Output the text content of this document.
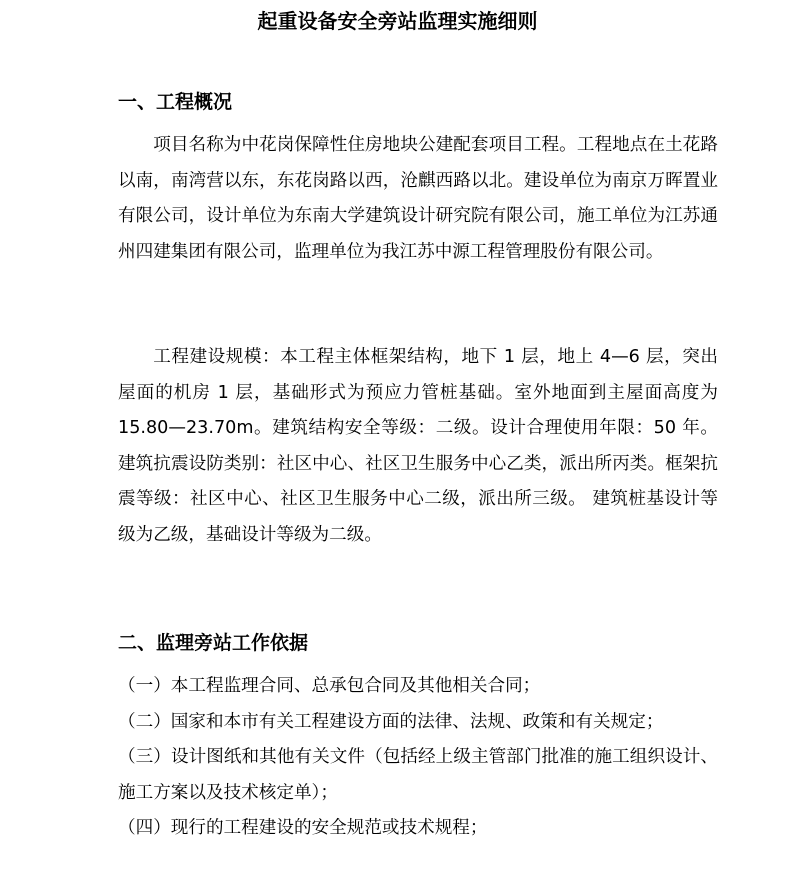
起重设备安全旁站监理实施细则
一、工程概况

项目名称为中花岗保障性住房地块公建配套项目工程。工程地点在土花路以南，南湾营以东，东花岗路以西，沧麒西路以北。建设单位为南京万晖置业有限公司，设计单位为东南大学建筑设计研究院有限公司，施工单位为江苏通州四建集团有限公司，监理单位为我江苏中源工程管理股份有限公司。

工程建设规模：本工程主体框架结构，地下 1 层，地上 4—6 层，突出屋面的机房 1 层，基础形式为预应力管桩基础。室外地面到主屋面高度为 15.80—23.70m。建筑结构安全等级：二级。设计合理使用年限：50 年。建筑抗震设防类别：社区中心、社区卫生服务中心乙类，派出所丙类。框架抗震等级：社区中心、社区卫生服务中心二级，派出所三级。 建筑桩基设计等级为乙级，基础设计等级为二级。

二、监理旁站工作依据
（一）本工程监理合同、总承包合同及其他相关合同；
（二）国家和本市有关工程建设方面的法律、法规、政策和有关规定；
（三）设计图纸和其他有关文件（包括经上级主管部门批准的施工组织设计、施工方案以及技术核定单）；
（四）现行的工程建设的安全规范或技术规程；
